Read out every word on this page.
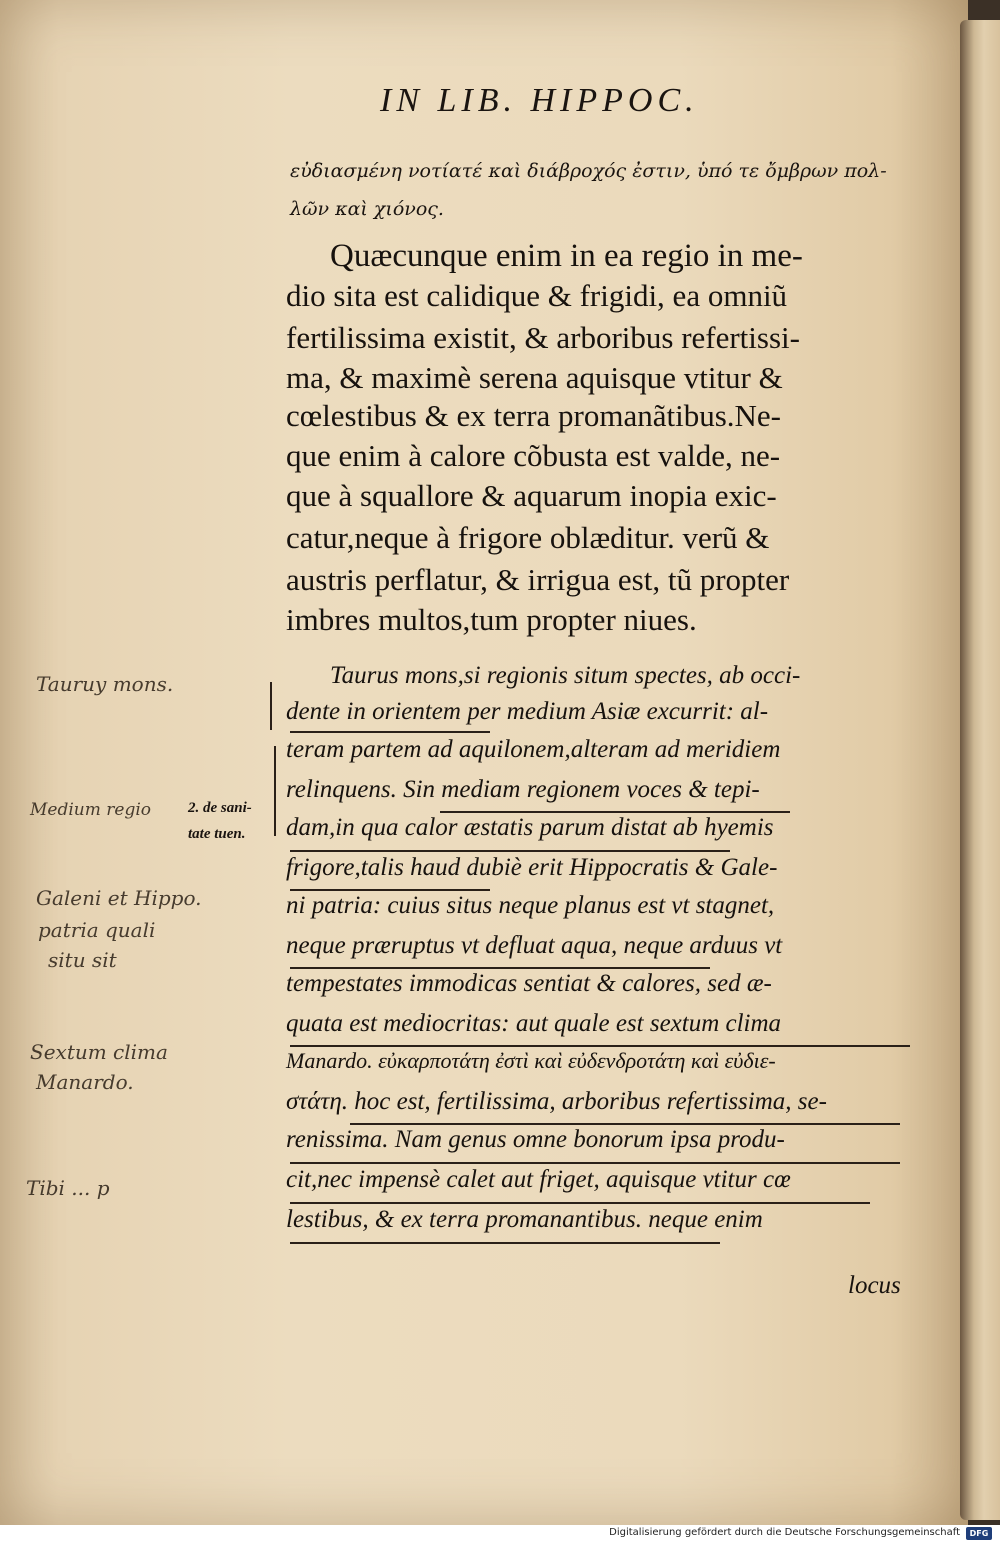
IN LIB. HIPPOC.
εὐδιασμένη νοτίατέ καὶ διάβροχός ἐστιν, ὑπό τε ὄμβρων πολ-
λῶν καὶ χιόνος.
Quæcunque enim in ea regio in me-
dio sita est calidique & frigidi, ea omniũ
fertilissima existit, & arboribus refertissi-
ma, & maximè serena aquisque vtitur &
cœlestibus & ex terra promanãtibus.Ne-
que enim à calore cõbusta est valde, ne-
que à squallore & aquarum inopia exic-
catur,neque à frigore oblæditur. verũ &
austris perflatur, & irrigua est, tũ propter
imbres multos,tum propter niues.
Taurus mons,si regionis situm spectes, ab occi-
dente in orientem per medium Asiæ excurrit: al-
teram partem ad aquilonem,alteram ad meridiem
relinquens. Sin mediam regionem voces & tepi-
dam,in qua calor æstatis parum distat ab hyemis
frigore,talis haud dubiè erit Hippocratis & Gale-
ni patria: cuius situs neque planus est vt stagnet,
neque præruptus vt defluat aqua, neque arduus vt
tempestates immodicas sentiat & calores, sed æ-
quata est mediocritas: aut quale est sextum clima
Manardo. εὐκαρποτάτη ἐστὶ καὶ εὐδενδροτάτη καὶ εὐδιε-
στάτη. hoc est, fertilissima, arboribus refertissima, se-
renissima. Nam genus omne bonorum ipsa produ-
cit,nec impensè calet aut friget, aquisque vtitur cœ
lestibus, & ex terra promanantibus. neque enim
locus
2. de sani-
tate tuen.
Tauruy mons.
Medium regio
Galeni et Hippo.
patria quali
situ sit
Sextum clima
Manardo.
Tibi ... p
Digitalisierung gefördert durch die Deutsche Forschungsgemeinschaft	DFG
